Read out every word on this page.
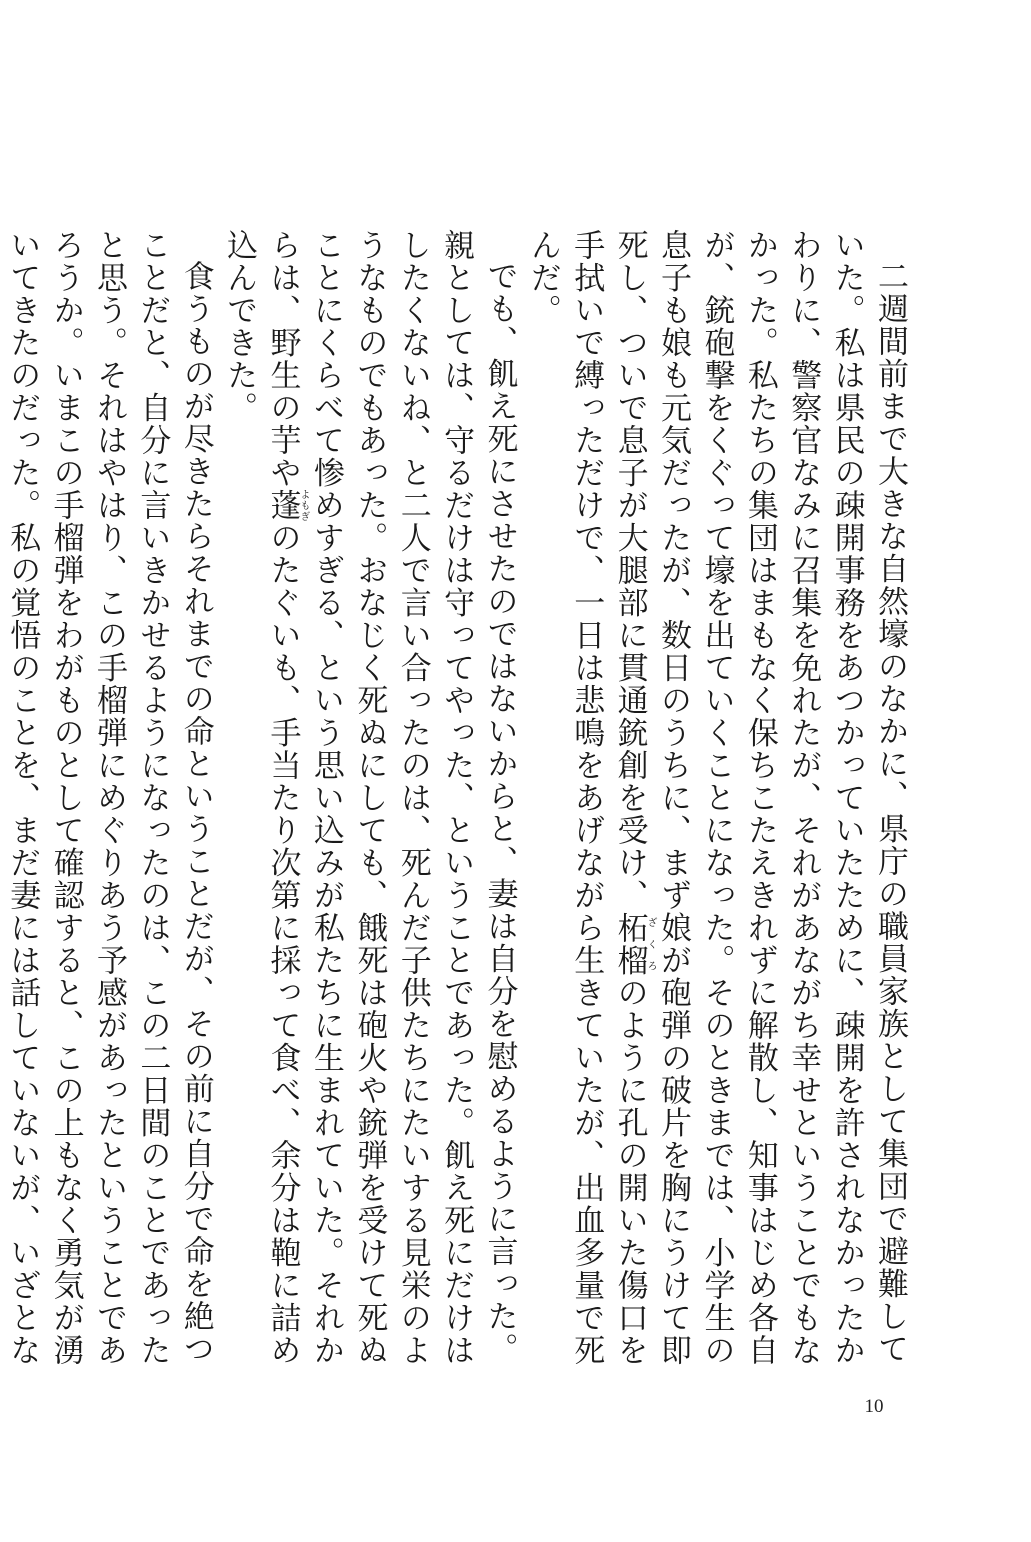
二週間前まで大きな自然壕のなかに、県庁の職員家族として集団で避難していた。私は県民の疎開事務をあつかっていたために、疎開を許されなかったかわりに、警察官なみに召集を免れたが、それがあながち幸せということでもなかった。私たちの集団はまもなく保ちこたえきれずに解散し、知事はじめ各自が、銃砲撃をくぐって壕を出ていくことになった。そのときまでは、小学生の息子も娘も元気だったが、数日のうちに、まず娘が砲弾の破片を胸にうけて即死し、ついで息子が大腿部に貫通銃創を受け、柘榴ざくろのように孔の開いた傷口を手拭いで縛っただけで、一日は悲鳴をあげながら生きていたが、出血多量で死んだ。

でも、飢え死にさせたのではないからと、妻は自分を慰めるように言った。親としては、守るだけは守ってやった、ということであった。飢え死にだけはしたくないね、と二人で言い合ったのは、死んだ子供たちにたいする見栄のようなものでもあった。おなじく死ぬにしても、餓死は砲火や銃弾を受けて死ぬことにくらべて惨めすぎる、という思い込みが私たちに生まれていた。それからは、野生の芋や蓬よもぎのたぐいも、手当たり次第に採って食べ、余分は鞄に詰め込んできた。

食うものが尽きたらそれまでの命ということだが、その前に自分で命を絶つことだと、自分に言いきかせるようになったのは、この二日間のことであったと思う。それはやはり、この手榴弾にめぐりあう予感があったということであろうか。いまこの手榴弾をわがものとして確認すると、この上もなく勇気が湧いてきたのだった。私の覚悟のことを、まだ妻には話していないが、いざとな

10
